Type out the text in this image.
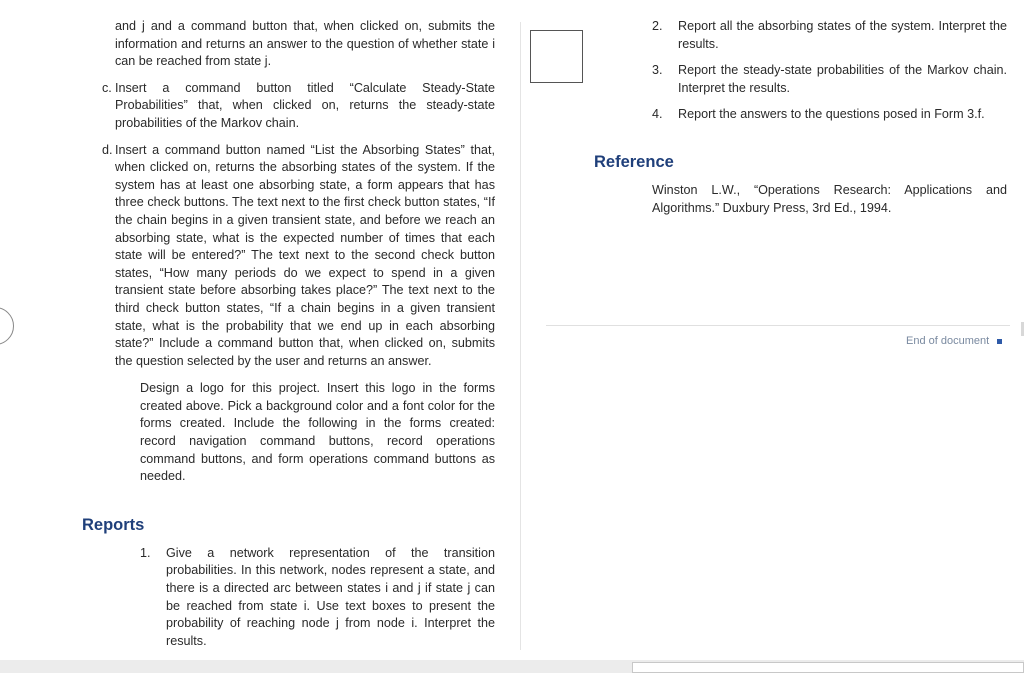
and j and a command button that, when clicked on, submits the information and returns an answer to the question of whether state i can be reached from state j.

c. Insert a command button titled “Calculate Steady-State Probabilities” that, when clicked on, returns the steady-state probabilities of the Markov chain.

d. Insert a command button named “List the Absorbing States” that, when clicked on, returns the absorbing states of the system. If the system has at least one absorbing state, a form appears that has three check buttons. The text next to the first check button states, “If the chain begins in a given transient state, and before we reach an absorbing state, what is the expected number of times that each state will be entered?” The text next to the second check button states, “How many periods do we expect to spend in a given transient state before absorbing takes place?” The text next to the third check button states, “If a chain begins in a given transient state, what is the probability that we end up in each absorbing state?” Include a command button that, when clicked on, submits the question selected by the user and returns an answer.

Design a logo for this project. Insert this logo in the forms created above. Pick a background color and a font color for the forms created. Include the following in the forms created: record navigation command buttons, record operations command buttons, and form operations command buttons as needed.

Reports

1. Give a network representation of the transition probabilities. In this network, nodes represent a state, and there is a directed arc between states i and j if state j can be reached from state i. Use text boxes to present the probability of reaching node j from node i. Interpret the results.

2. Report all the absorbing states of the system. Interpret the results.

3. Report the steady-state probabilities of the Markov chain. Interpret the results.

4. Report the answers to the questions posed in Form 3.f.

Reference

Winston L.W., “Operations Research: Applications and Algorithms.” Duxbury Press, 3rd Ed., 1994.

End of document
